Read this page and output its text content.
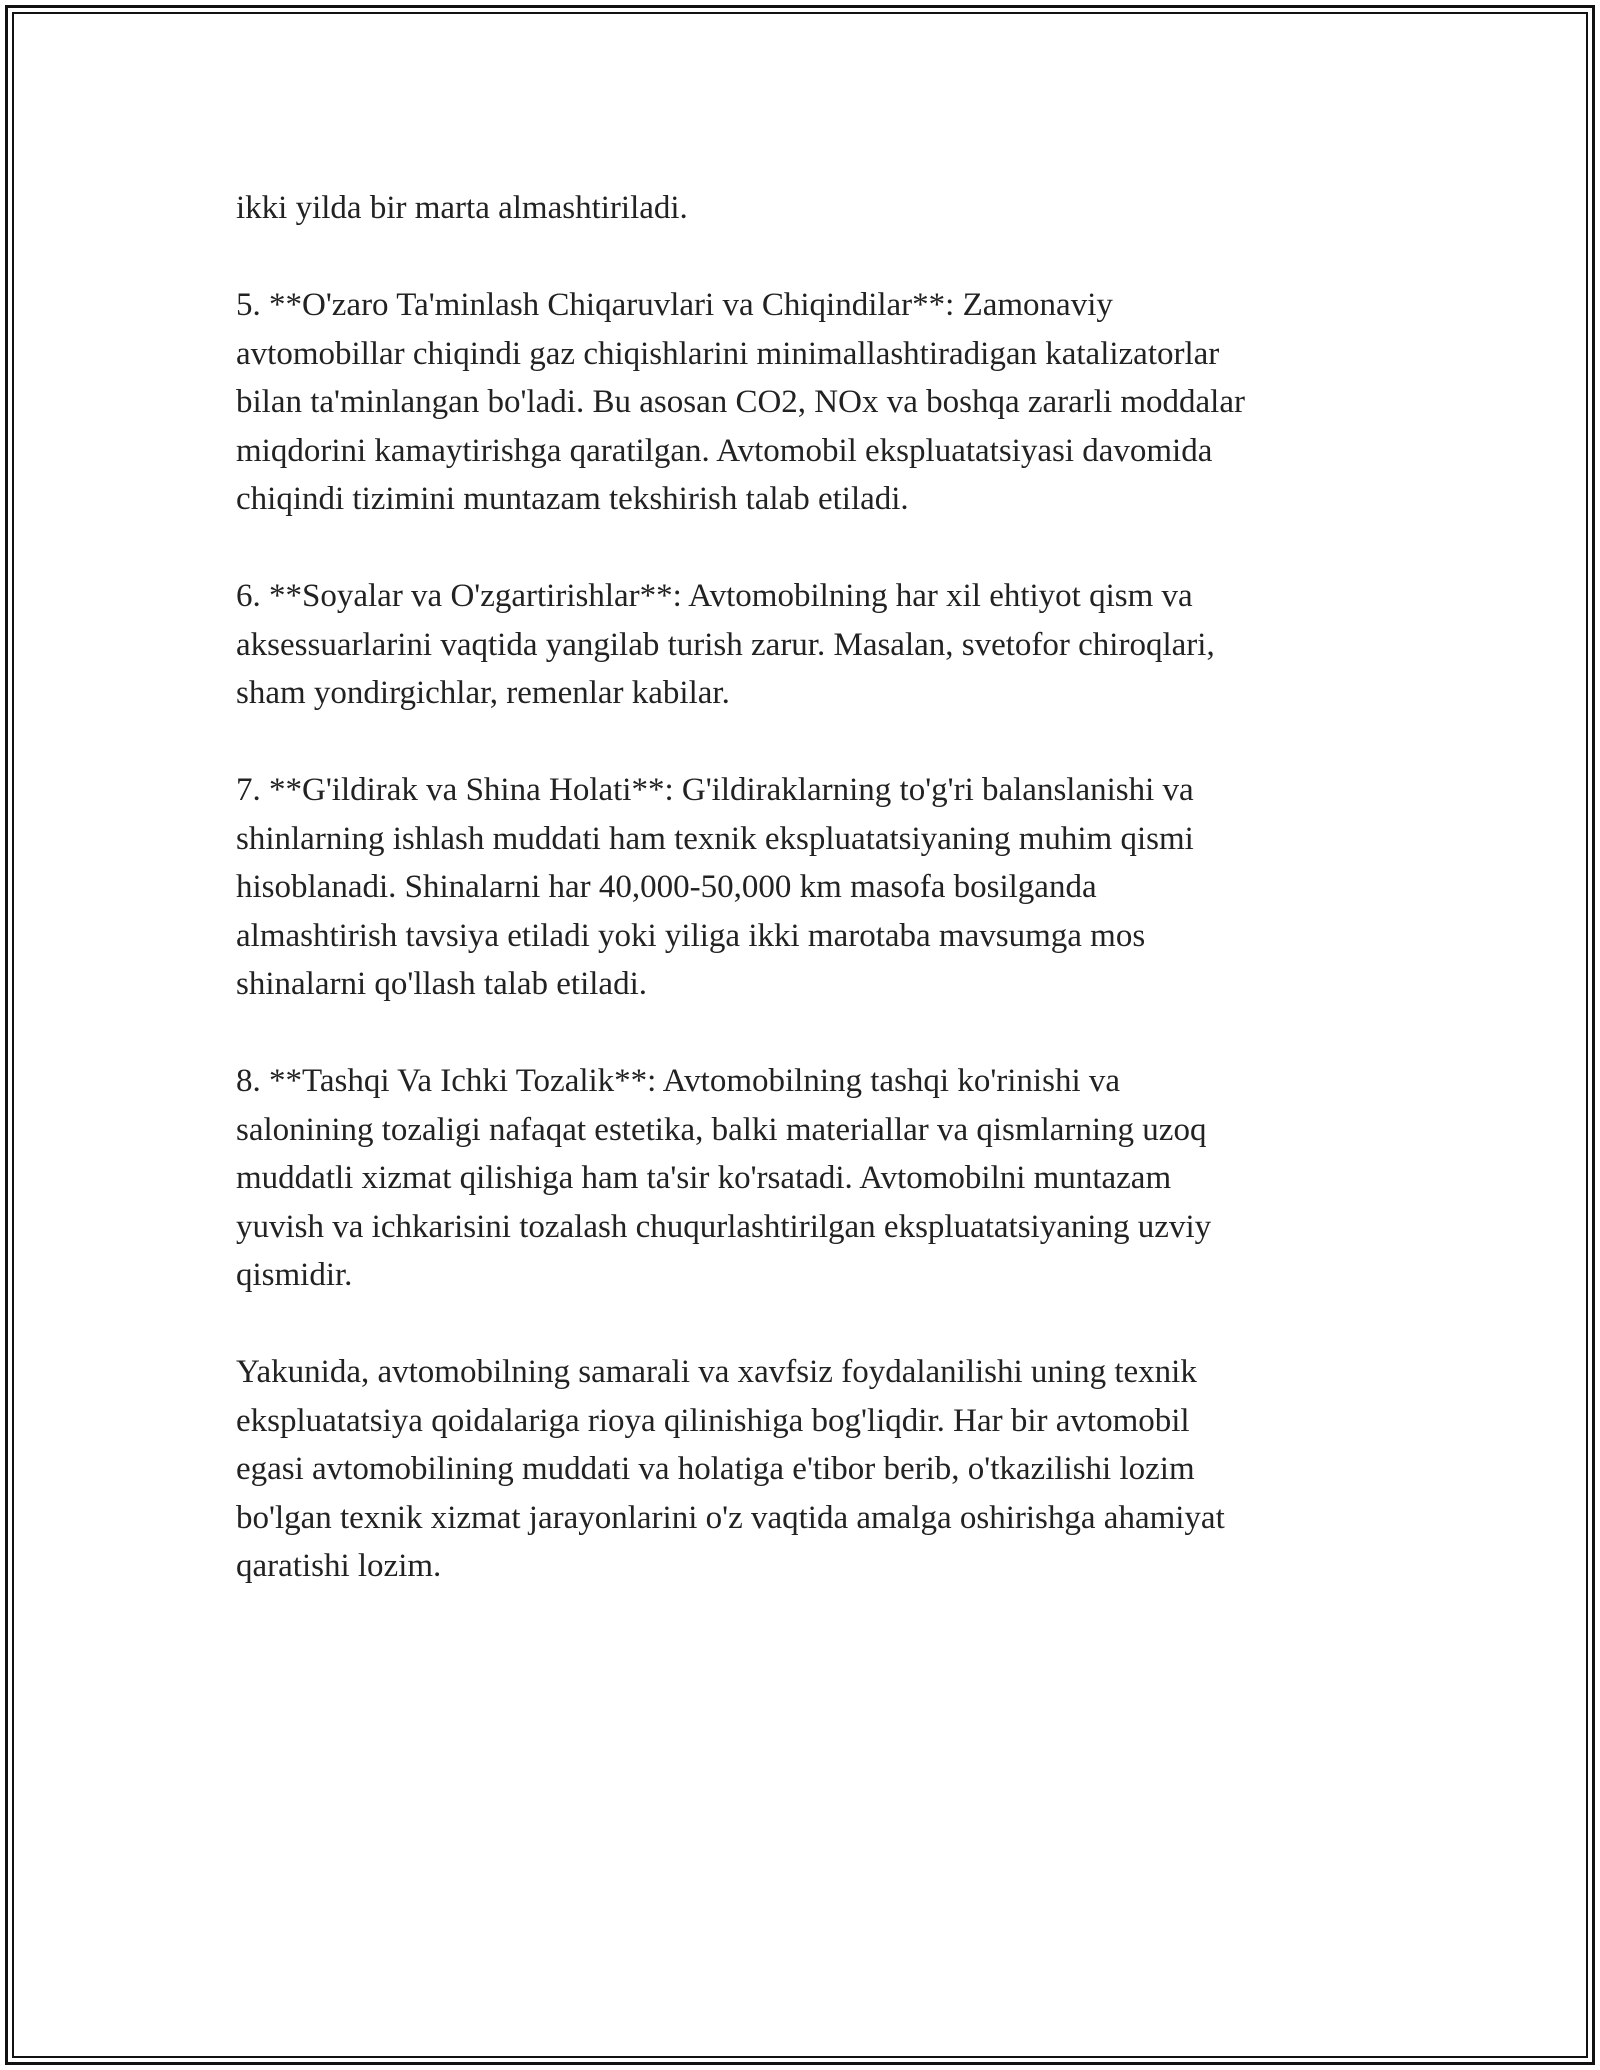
ikki yilda bir marta almashtiriladi.

5. **O'zaro Ta'minlash Chiqaruvlari va Chiqindilar**: Zamonaviy
avtomobillar chiqindi gaz chiqishlarini minimallashtiradigan katalizatorlar
bilan ta'minlangan bo'ladi. Bu asosan CO2, NOx va boshqa zararli moddalar
miqdorini kamaytirishga qaratilgan. Avtomobil ekspluatatsiyasi davomida
chiqindi tizimini muntazam tekshirish talab etiladi.

6. **Soyalar va O'zgartirishlar**: Avtomobilning har xil ehtiyot qism va
aksessuarlarini vaqtida yangilab turish zarur. Masalan, svetofor chiroqlari,
sham yondirgichlar, remenlar kabilar.

7. **G'ildirak va Shina Holati**: G'ildiraklarning to'g'ri balanslanishi va
shinlarning ishlash muddati ham texnik ekspluatatsiyaning muhim qismi
hisoblanadi. Shinalarni har 40,000-50,000 km masofa bosilganda
almashtirish tavsiya etiladi yoki yiliga ikki marotaba mavsumga mos
shinalarni qo'llash talab etiladi.

8. **Tashqi Va Ichki Tozalik**: Avtomobilning tashqi ko'rinishi va
salonining tozaligi nafaqat estetika, balki materiallar va qismlarning uzoq
muddatli xizmat qilishiga ham ta'sir ko'rsatadi. Avtomobilni muntazam
yuvish va ichkarisini tozalash chuqurlashtirilgan ekspluatatsiyaning uzviy
qismidir.

Yakunida, avtomobilning samarali va xavfsiz foydalanilishi uning texnik
ekspluatatsiya qoidalariga rioya qilinishiga bog'liqdir. Har bir avtomobil
egasi avtomobilining muddati va holatiga e'tibor berib, o'tkazilishi lozim
bo'lgan texnik xizmat jarayonlarini o'z vaqtida amalga oshirishga ahamiyat
qaratishi lozim.
